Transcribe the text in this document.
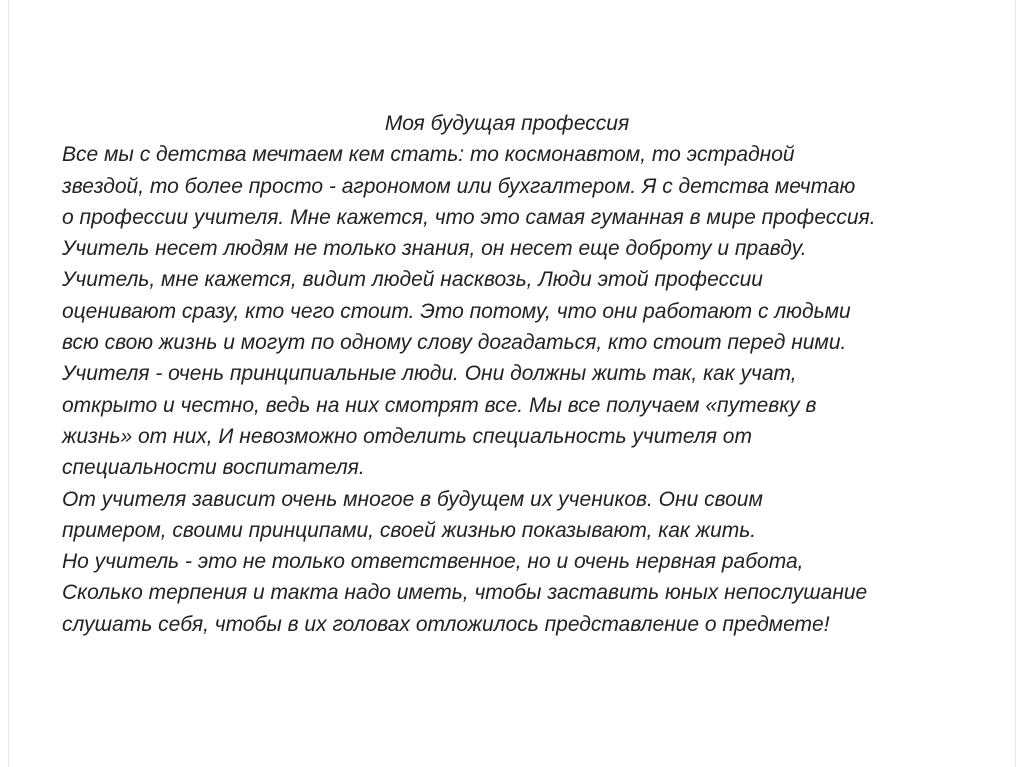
Моя будущая профессия
Все мы с детства мечтаем кем стать: то космонавтом, то эстрадной
звездой, то более просто - агрономом или бухгалтером. Я с детства мечтаю
о профессии учителя. Мне кажется, что это самая гуманная в мире профессия.
Учитель несет людям не только знания, он несет еще доброту и правду.
Учитель, мне кажется, видит людей насквозь, Люди этой профессии
оценивают сразу, кто чего стоит. Это потому, что они работают с людьми
всю свою жизнь и могут по одному слову догадаться, кто стоит перед ними.
Учителя - очень принципиальные люди. Они должны жить так, как учат,
открыто и честно, ведь на них смотрят все. Мы все получаем «путевку в
жизнь» от них, И невозможно отделить специальность учителя от
специальности воспитателя.
От учителя зависит очень многое в будущем их учеников. Они своим
примером, своими принципами, своей жизнью показывают, как жить.
Но учитель - это не только ответственное, но и очень нервная работа,
Сколько терпения и такта надо иметь, чтобы заставить юных непослушание
слушать себя, чтобы в их головах отложилось представление о предмете!
